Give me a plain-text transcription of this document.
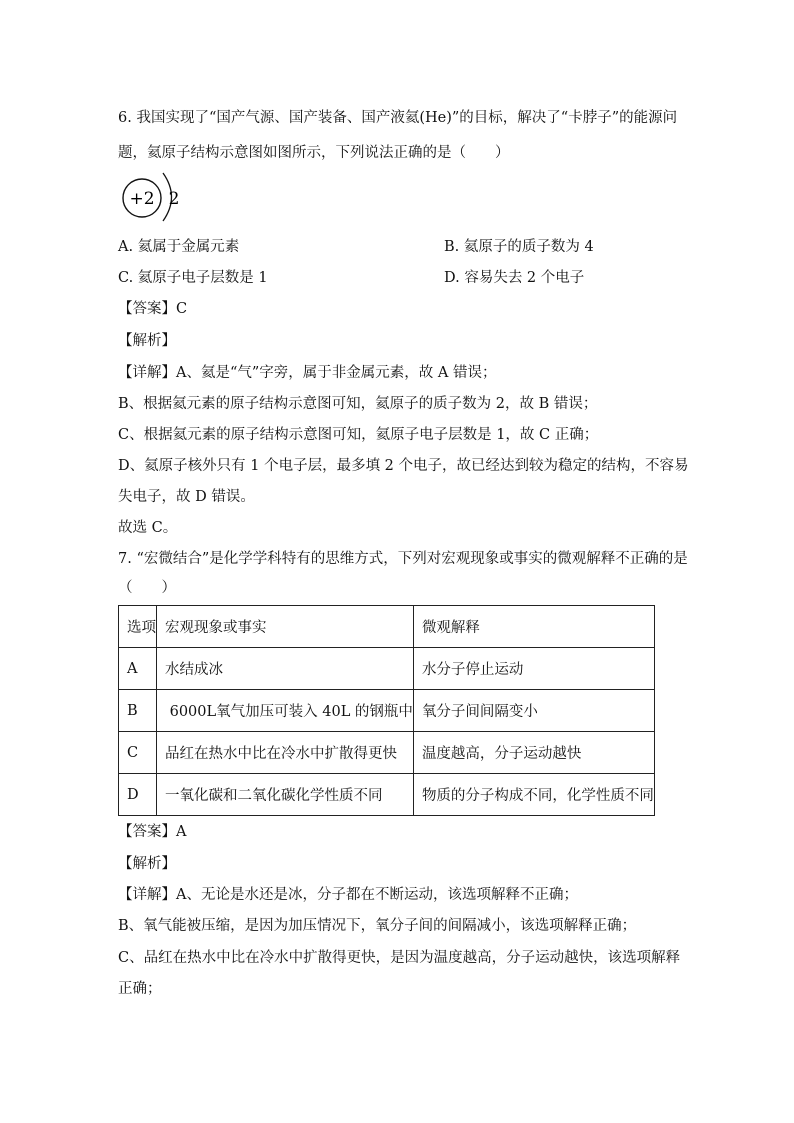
6. 我国实现了“国产气源、国产装备、国产液氦(He)”的目标，解决了“卡脖子”的能源问
题，氦原子结构示意图如图所示，下列说法正确的是（　　）
+2 2
A. 氦属于金属元素	B. 氦原子的质子数为 4
C. 氦原子电子层数是 1	D. 容易失去 2 个电子
【答案】C
【解析】
【详解】A、氦是“气”字旁，属于非金属元素，故 A 错误；
B、根据氦元素的原子结构示意图可知，氦原子的质子数为 2，故 B 错误；
C、根据氦元素的原子结构示意图可知，氦原子电子层数是 1，故 C 正确；
D、氦原子核外只有 1 个电子层，最多填 2 个电子，故已经达到较为稳定的结构，不容易
失电子，故 D 错误。
故选 C。
7. “宏微结合”是化学学科特有的思维方式，下列对宏观现象或事实的微观解释不正确的是
（　　）
选项	宏观现象或事实	微观解释
A	水结成冰	水分子停止运动
B	6000L氧气加压可装入 40L 的钢瓶中	氧分子间间隔变小
C	品红在热水中比在冷水中扩散得更快	温度越高，分子运动越快
D	一氧化碳和二氧化碳化学性质不同	物质的分子构成不同，化学性质不同
【答案】A
【解析】
【详解】A、无论是水还是冰，分子都在不断运动，该选项解释不正确；
B、氧气能被压缩，是因为加压情况下，氧分子间的间隔减小，该选项解释正确；
C、品红在热水中比在冷水中扩散得更快，是因为温度越高，分子运动越快，该选项解释
正确；
